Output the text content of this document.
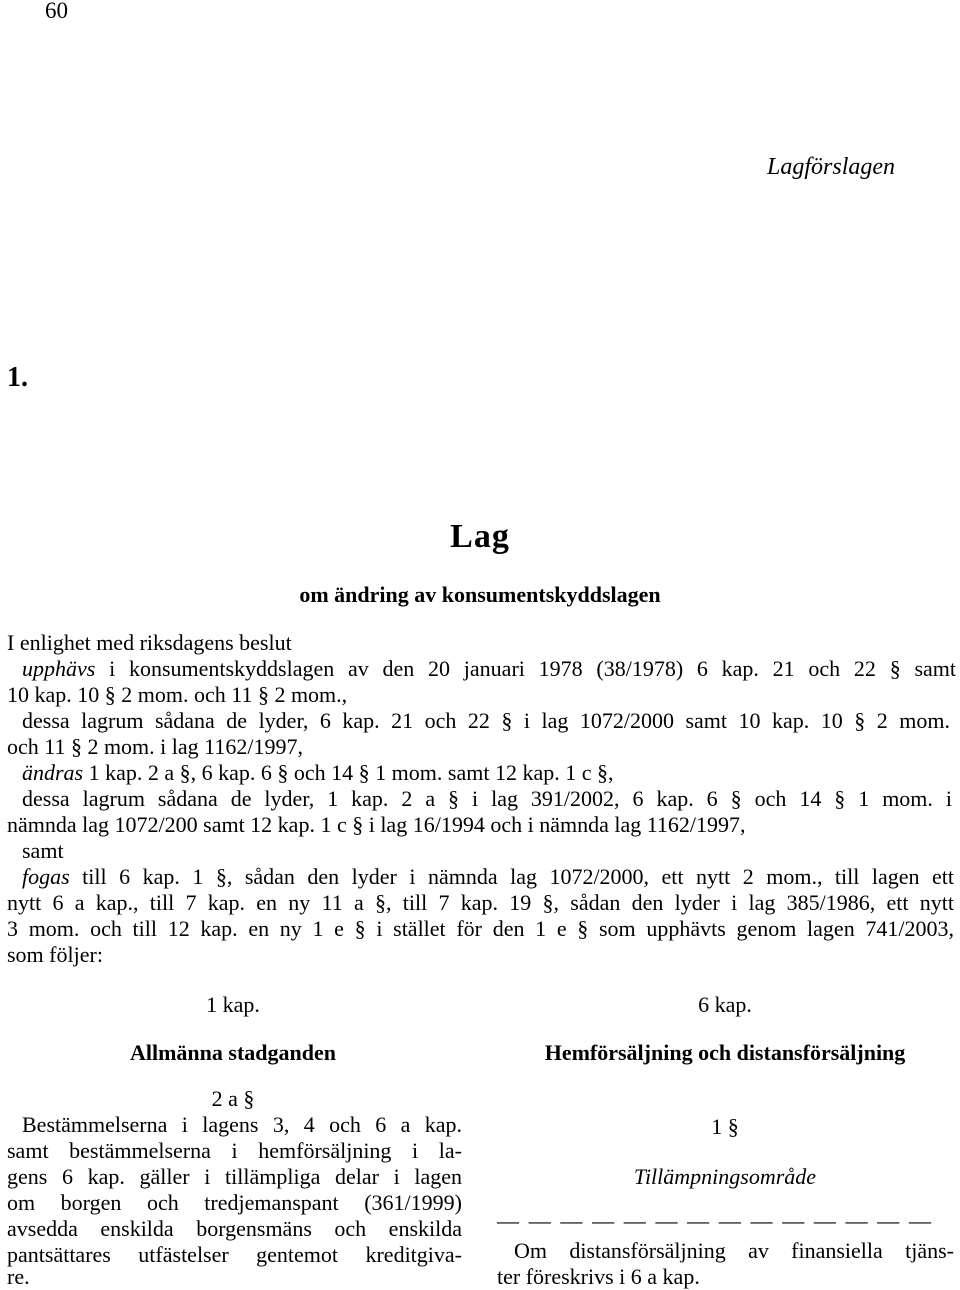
60
Lagförslagen
1.
Lag
om ändring av konsumentskyddslagen
I enlighet med riksdagens beslut
upphävs i konsumentskyddslagen av den 20 januari 1978 (38/1978) 6 kap. 21 och 22 § samt
10 kap. 10 § 2 mom. och 11 § 2 mom.,
dessa lagrum sådana de lyder, 6 kap. 21 och 22 § i lag 1072/2000 samt 10 kap. 10 § 2 mom.
och 11 § 2 mom. i lag 1162/1997,
ändras 1 kap. 2 a §, 6 kap. 6 § och 14 § 1 mom. samt 12 kap. 1 c §,
dessa lagrum sådana de lyder, 1 kap. 2 a § i lag 391/2002, 6 kap. 6 § och 14 § 1 mom. i
nämnda lag 1072/200 samt 12 kap. 1 c § i lag 16/1994 och i nämnda lag 1162/1997,
samt
fogas till 6 kap. 1 §, sådan den lyder i nämnda lag 1072/2000, ett nytt 2 mom., till lagen ett
nytt 6 a kap., till 7 kap. en ny 11 a §, till 7 kap. 19 §, sådan den lyder i lag 385/1986, ett nytt
3 mom. och till 12 kap. en ny 1 e § i stället för den 1 e § som upphävts genom lagen 741/2003,
som följer:
1 kap.
Allmänna stadganden
2 a §
Bestämmelserna i lagens 3, 4 och 6 a kap.
samt bestämmelserna i hemförsäljning i la-
gens 6 kap. gäller i tillämpliga delar i lagen
om borgen och tredjemanspant (361/1999)
avsedda enskilda borgensmäns och enskilda
pantsättares utfästelser gentemot kreditgiva-
re.
6 kap.
Hemförsäljning och distansförsäljning
1 §
Tillämpningsområde
— — — — — — — — — — — — — —
Om distansförsäljning av finansiella tjäns-
ter föreskrivs i 6 a kap.
